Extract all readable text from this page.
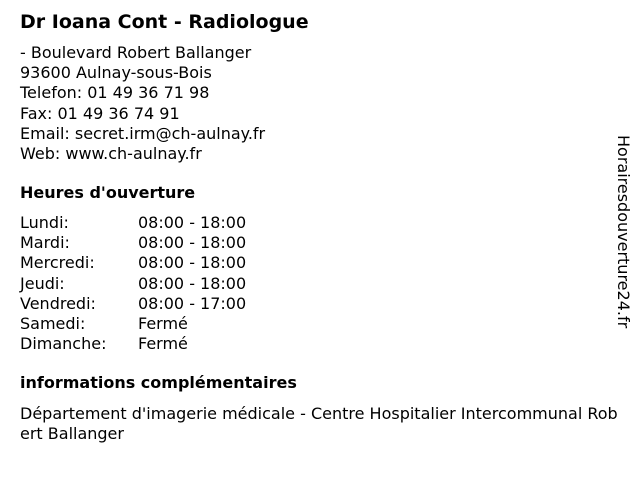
Dr Ioana Cont - Radiologue
- Boulevard Robert Ballanger
93600 Aulnay-sous-Bois
Telefon: 01 49 36 71 98
Fax: 01 49 36 74 91
Email: secret.irm@ch-aulnay.fr
Web: www.ch-aulnay.fr
Heures d'ouverture
Lundi:	08:00 - 18:00
Mardi:	08:00 - 18:00
Mercredi:	08:00 - 18:00
Jeudi:	08:00 - 18:00
Vendredi:	08:00 - 17:00
Samedi:	Fermé
Dimanche: Fermé
informations complémentaires
Département d'imagerie médicale - Centre Hospitalier Intercommunal Robert Ballanger
Horairesdouverture24.fr
